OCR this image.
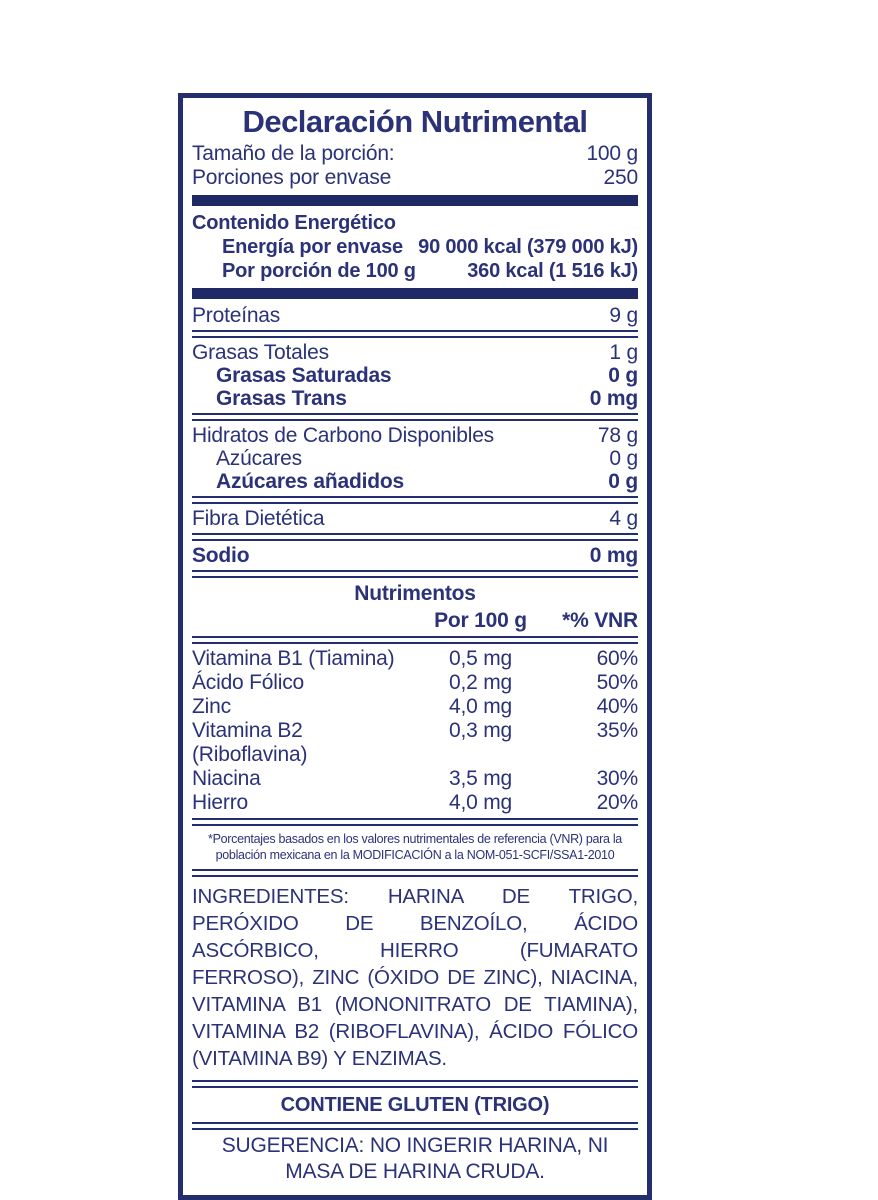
Declaración Nutrimental
Tamaño de la porción:	100 g
Porciones por envase	250
Contenido Energético
Energía por envase 90 000 kcal (379 000 kJ)
Por porción de 100 g	360 kcal (1 516 kJ)
Proteínas	9 g
Grasas Totales	1 g
Grasas Saturadas	0 g
Grasas Trans	0 mg
Hidratos de Carbono Disponibles	78 g
Azúcares	0 g
Azúcares añadidos	0 g
Fibra Dietética	4 g
Sodio	0 mg
Nutrimentos
Por 100 g	*% VNR
Vitamina B1 (Tiamina)	0,5 mg	60%
Ácido Fólico	0,2 mg	50%
Zinc	4,0 mg	40%
Vitamina B2 (Riboflavina)
0,3 mg	35%
Niacina	3,5 mg	30%
Hierro	4,0 mg	20%
*Porcentajes basados en los valores nutrimentales de referencia (VNR) para la población mexicana en la MODIFICACIÓN a la NOM-051-SCFI/SSA1-2010
INGREDIENTES: HARINA DE TRIGO, PERÓXIDO DE BENZOÍLO, ÁCIDO ASCÓRBICO, HIERRO (FUMARATO FERROSO), ZINC (ÓXIDO DE ZINC), NIACINA, VITAMINA B1 (MONONITRATO DE TIAMINA), VITAMINA B2 (RIBOFLAVINA), ÁCIDO FÓLICO (VITAMINA B9) Y ENZIMAS.
CONTIENE GLUTEN (TRIGO)
SUGERENCIA: NO INGERIR HARINA, NI MASA DE HARINA CRUDA.
